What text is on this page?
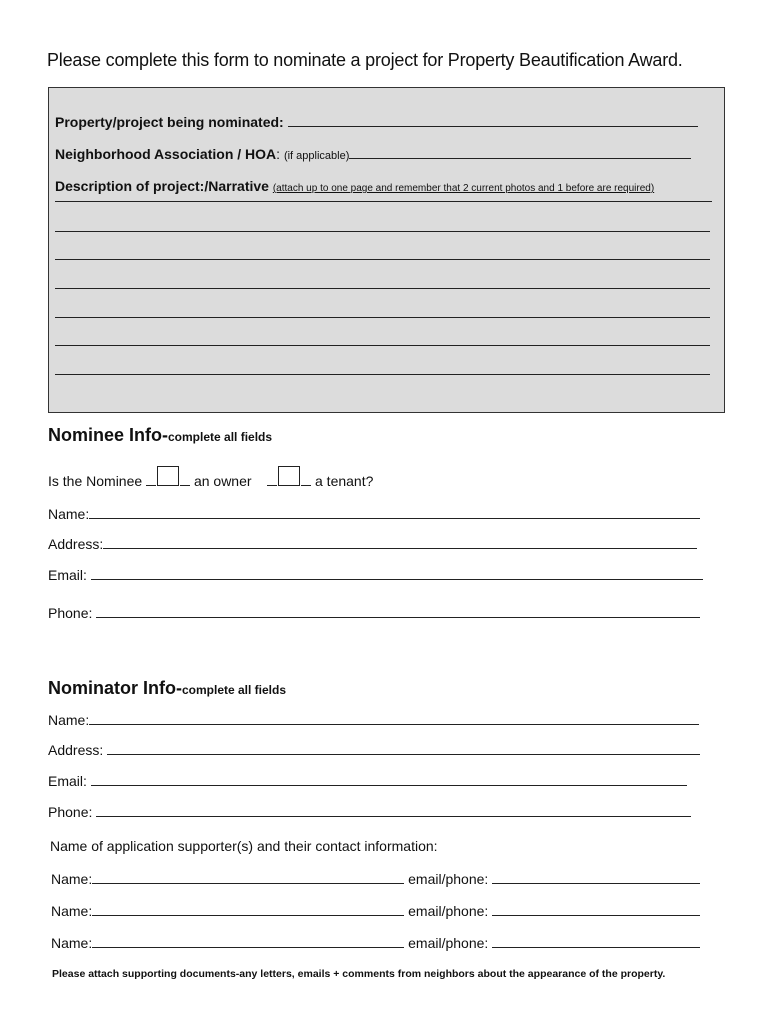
Please complete this form to nominate a project for Property Beautification Award.
Property/project being nominated:
Neighborhood Association / HOA :
(if applicable)
Description of project:/Narrative
(attach up to one page and remember that 2 current photos and 1 before are required)
Nominee Info-complete all fields
Is the Nominee

	an owner

	a tenant?
Name:
Address:
Email:
Phone:
Nominator Info-complete all fields
Name:
Address:
Email:
Phone:
Name of application supporter(s) and their contact information:
Name:
	email/phone:
Name:
	email/phone:
Name:
	email/phone:
Please attach supporting documents-any letters, emails + comments from neighbors about the appearance of the property.
